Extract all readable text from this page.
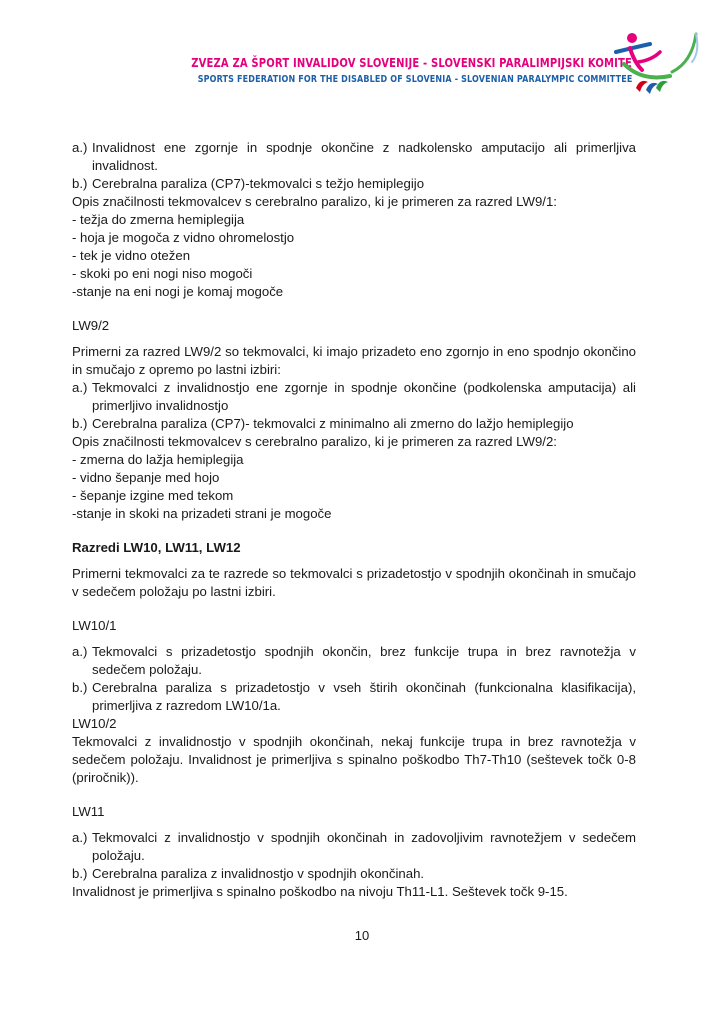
ZVEZA ZA ŠPORT INVALIDOV SLOVENIJE - SLOVENSKI PARALIMPIJSKI KOMITE
SPORTS FEDERATION FOR THE DISABLED OF SLOVENIA - SLOVENIAN PARALYMPIC COMMITTEE
a.) Invalidnost ene zgornje in spodnje okončine z nadkolensko amputacijo ali primerljiva invalidnost.
b.) Cerebralna paraliza (CP7)-tekmovalci s težjo hemiplegijo

Opis značilnosti tekmovalcev s cerebralno paralizo, ki je primeren za razred LW9/1:

- težja do zmerna hemiplegija

- hoja je mogoča z vidno ohromelostjo

- tek je vidno otežen

- skoki po eni nogi niso mogoči

-stanje na eni nogi je komaj mogoče

LW9/2

Primerni za razred LW9/2 so tekmovalci, ki imajo prizadeto eno zgornjo in eno spodnjo okončino in smučajo z opremo po lastni izbiri:

a.) Tekmovalci z invalidnostjo ene zgornje in spodnje okončine (podkolenska amputacija) ali primerljivo invalidnostjo
b.) Cerebralna paraliza (CP7)- tekmovalci z minimalno ali zmerno do lažjo hemiplegijo

Opis značilnosti tekmovalcev s cerebralno paralizo, ki je primeren za razred LW9/2:

- zmerna do lažja hemiplegija

- vidno šepanje med hojo

- šepanje izgine med tekom

-stanje in skoki na prizadeti strani je mogoče

Razredi LW10, LW11, LW12

Primerni tekmovalci za te razrede so tekmovalci s prizadetostjo v spodnjih okončinah in smučajo v sedečem položaju po lastni izbiri.

LW10/1

a.) Tekmovalci s prizadetostjo spodnjih okončin, brez funkcije trupa in brez ravnotežja v sedečem položaju.
b.) Cerebralna paraliza s prizadetostjo v vseh štirih okončinah (funkcionalna klasifikacija), primerljiva z razredom LW10/1a.

LW10/2

Tekmovalci z invalidnostjo v spodnjih okončinah, nekaj funkcije trupa in brez ravnotežja v sedečem položaju. Invalidnost je primerljiva s spinalno poškodbo Th7-Th10 (seštevek točk 0-8 (priročnik)).

LW11

a.) Tekmovalci z invalidnostjo v spodnjih okončinah in zadovoljivim ravnotežjem v sedečem položaju.
b.) Cerebralna paraliza z invalidnostjo v spodnjih okončinah.

Invalidnost je primerljiva s spinalno poškodbo na nivoju Th11-L1. Seštevek točk 9-15.

10
